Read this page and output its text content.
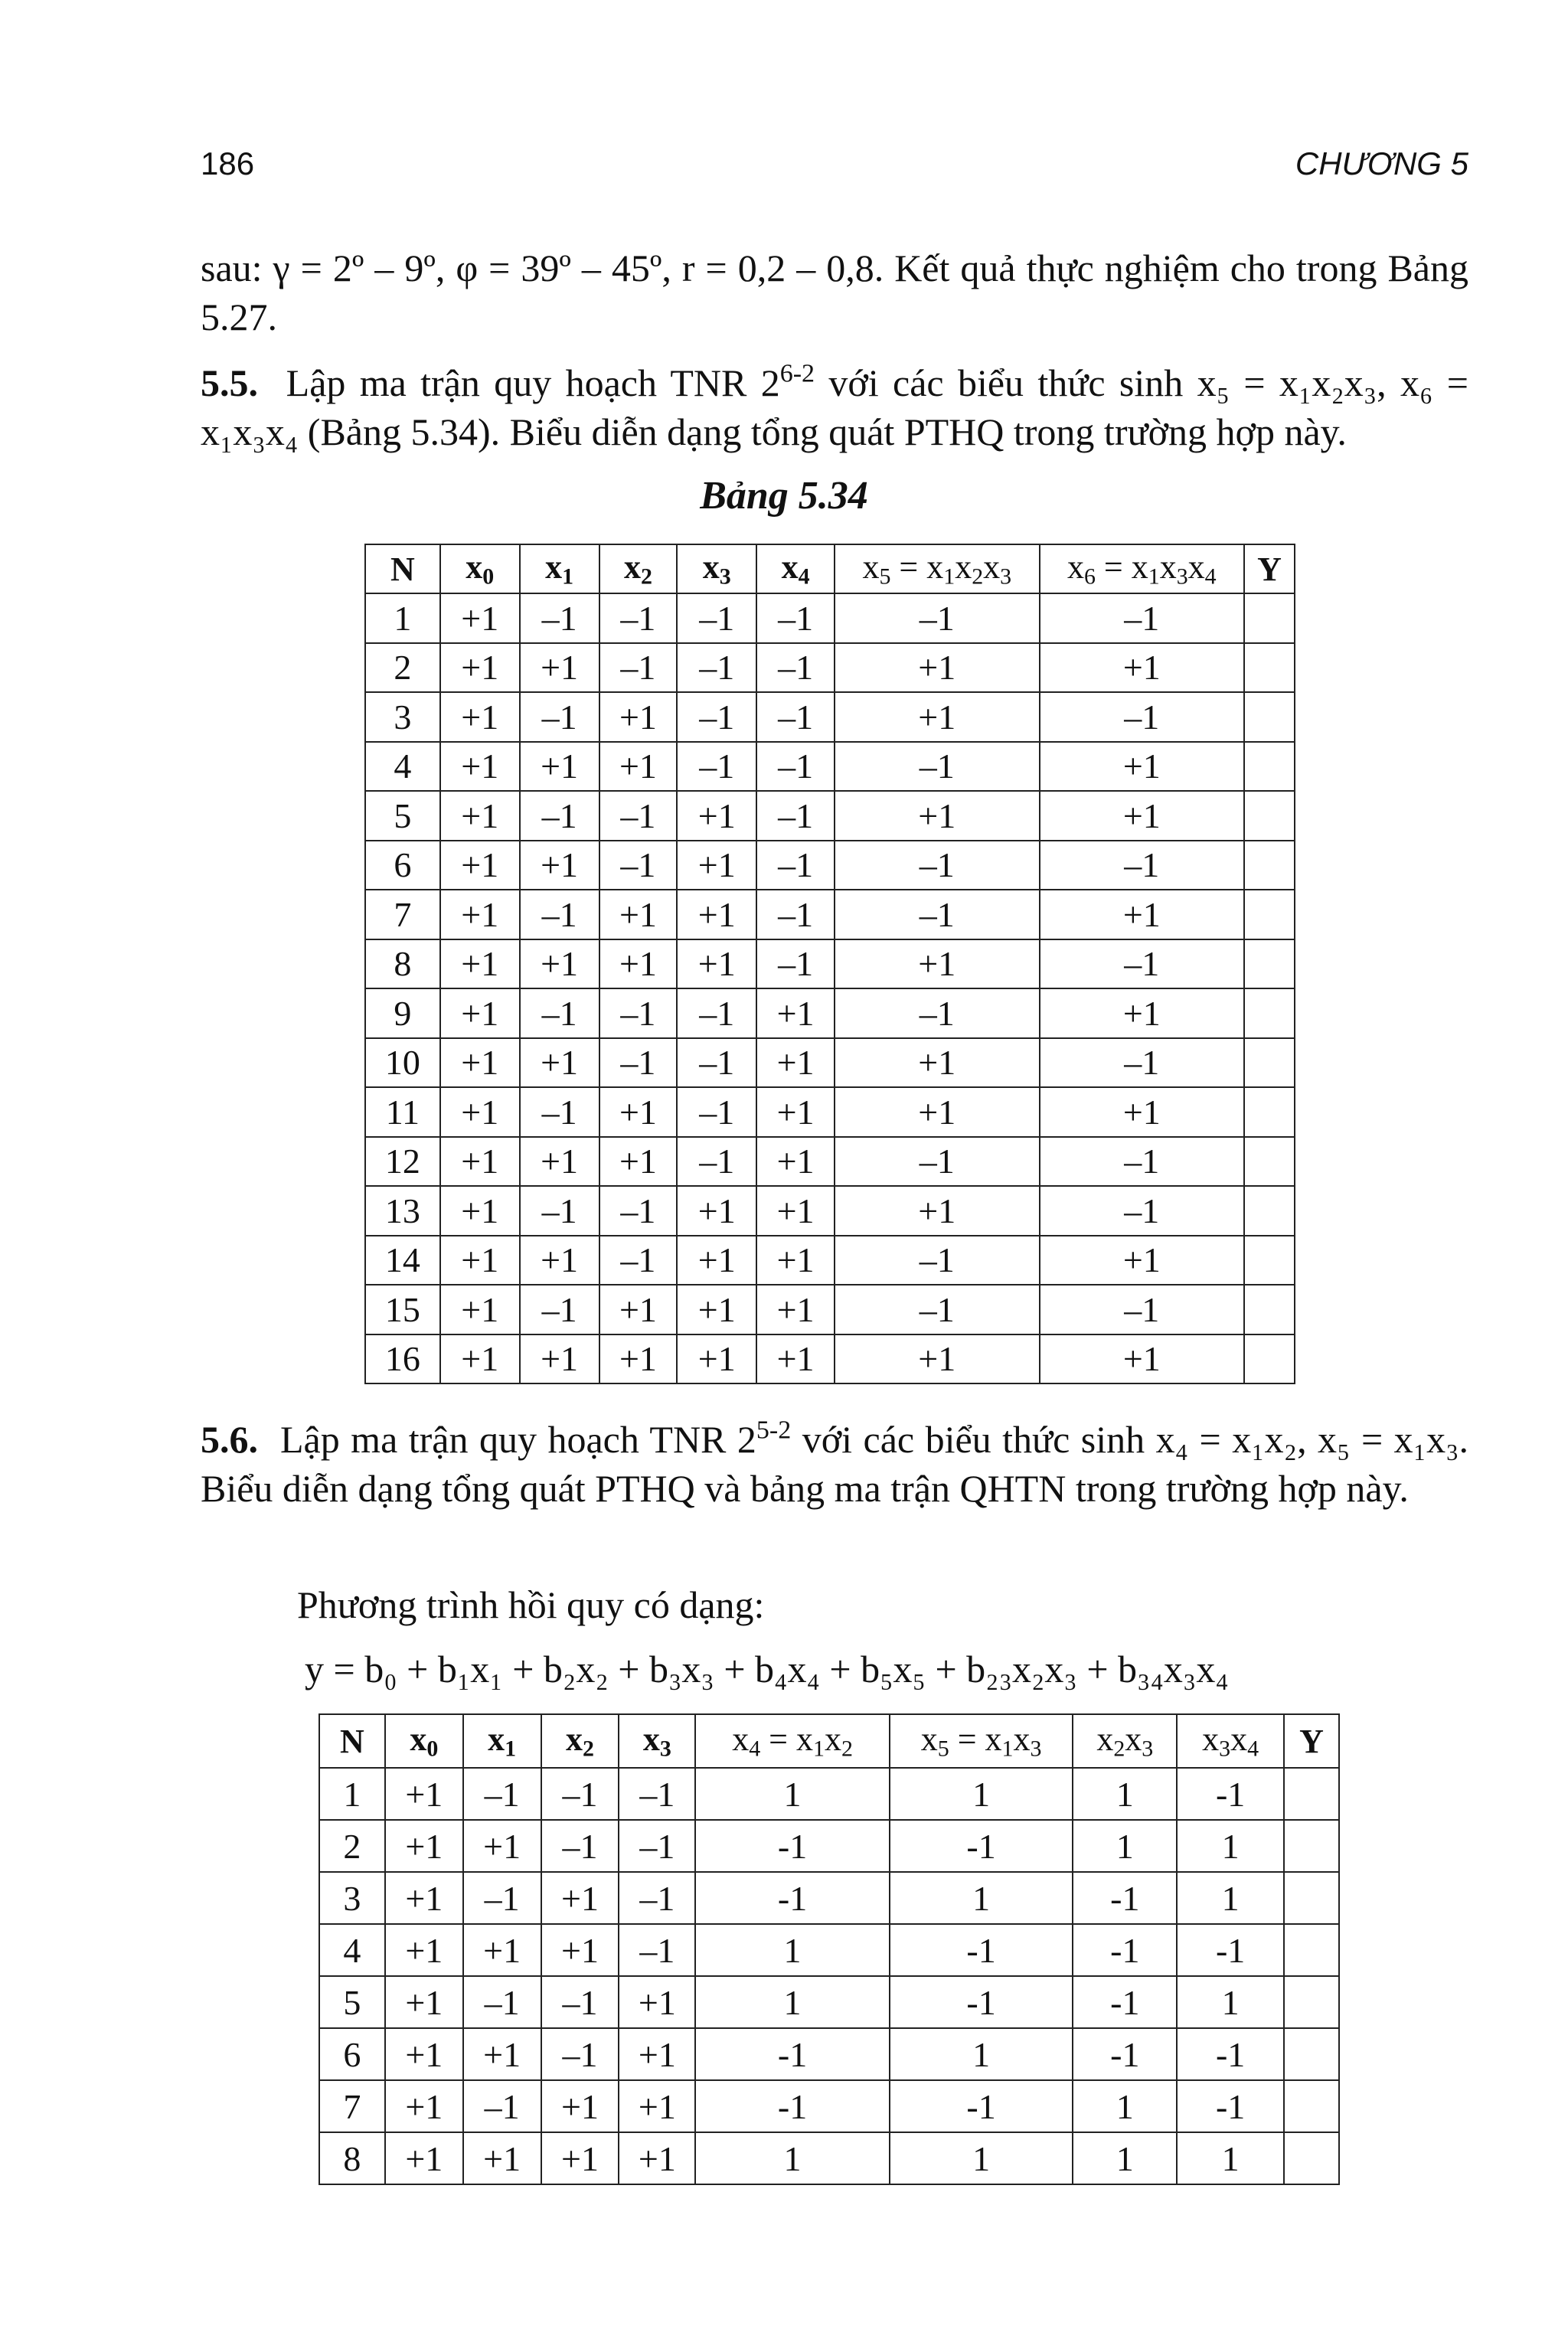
186	CHƯƠNG 5
sau: γ = 2º – 9º, φ = 39º – 45º, r = 0,2 – 0,8. Kết quả thực nghiệm cho trong Bảng 5.27.
5.5. Lập ma trận quy hoạch TNR 2$^{6-2}$ với các biểu thức sinh x₅ = x₁x₂x₃, x₆ = x₁x₃x₄ (Bảng 5.34). Biểu diễn dạng tổng quát PTHQ trong trường hợp này.
Bảng 5.34
N	$x_0$	$x_1$	$x_2$	$x_3$	$x_4$	$x_5 = x_1x_2x_3$	$x_6 = x_1x_3x_4$	Y
1	+1	–1	–1	–1	–1	–1	–1	
2	+1	+1	–1	–1	–1	+1	+1	
3	+1	–1	+1	–1	–1	+1	–1	
4	+1	+1	+1	–1	–1	–1	+1	
5	+1	–1	–1	+1	–1	+1	+1	
6	+1	+1	–1	+1	–1	–1	–1	
7	+1	–1	+1	+1	–1	–1	+1	
8	+1	+1	+1	+1	–1	+1	–1	
9	+1	–1	–1	–1	+1	–1	+1	
10	+1	+1	–1	–1	+1	+1	–1	
11	+1	–1	+1	–1	+1	+1	+1	
12	+1	+1	+1	–1	+1	–1	–1	
13	+1	–1	–1	+1	+1	+1	–1	
14	+1	+1	–1	+1	+1	–1	+1	
15	+1	–1	+1	+1	+1	–1	–1	
16	+1	+1	+1	+1	+1	+1	+1	
5.6. Lập ma trận quy hoạch TNR 2$^{5-2}$ với các biểu thức sinh x₄ = x₁x₂, x₅ = x₁x₃. Biểu diễn dạng tổng quát PTHQ và bảng ma trận QHTN trong trường hợp này.
Phương trình hồi quy có dạng:
y = b₀ + b₁x₁ + b₂x₂ + b₃x₃ + b₄x₄ + b₅x₅ + b₂₃x₂x₃ + b₃₄x₃x₄
N	$x_0$	$x_1$	$x_2$	$x_3$	$x_4 = x_1x_2$	$x_5 = x_1x_3$	$x_2x_3$	$x_3x_4$	Y
1	+1	–1	–1	–1	1	1	1	-1	
2	+1	+1	–1	–1	-1	-1	1	1	
3	+1	–1	+1	–1	-1	1	-1	1	
4	+1	+1	+1	–1	1	-1	-1	-1	
5	+1	–1	–1	+1	1	-1	-1	1	
6	+1	+1	–1	+1	-1	1	-1	-1	
7	+1	–1	+1	+1	-1	-1	1	-1	
8	+1	+1	+1	+1	1	1	1	1	
